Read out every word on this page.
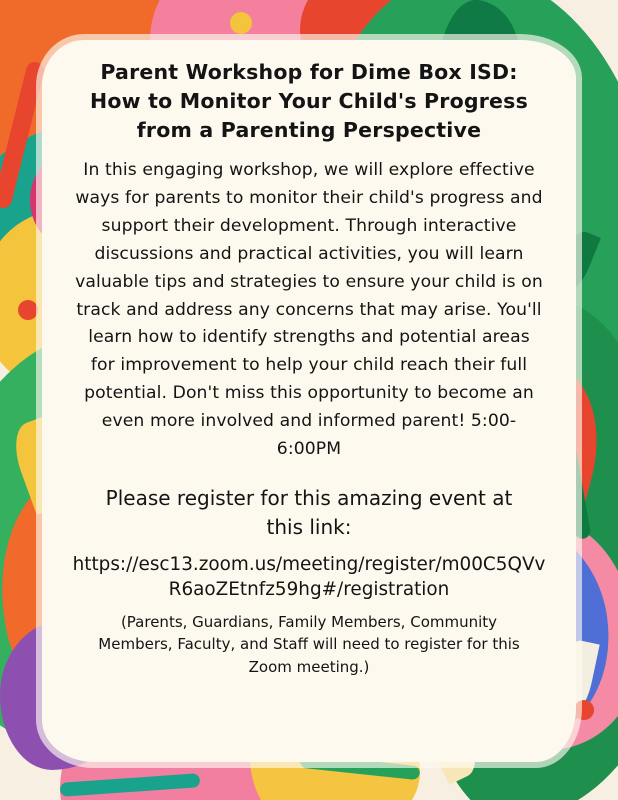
Parent Workshop for Dime Box ISD: How to Monitor Your Child's Progress from a Parenting Perspective

In this engaging workshop, we will explore effective ways for parents to monitor their child's progress and support their development. Through interactive discussions and practical activities, you will learn valuable tips and strategies to ensure your child is on track and address any concerns that may arise. You'll learn how to identify strengths and potential areas for improvement to help your child reach their full potential. Don't miss this opportunity to become an even more involved and informed parent! 5:00-6:00PM

Please register for this amazing event at this link:

https://esc13.zoom.us/meeting/register/m00C5QVvR6aoZEtnfz59hg#/registration

(Parents, Guardians, Family Members, Community Members, Faculty, and Staff will need to register for this Zoom meeting.)
